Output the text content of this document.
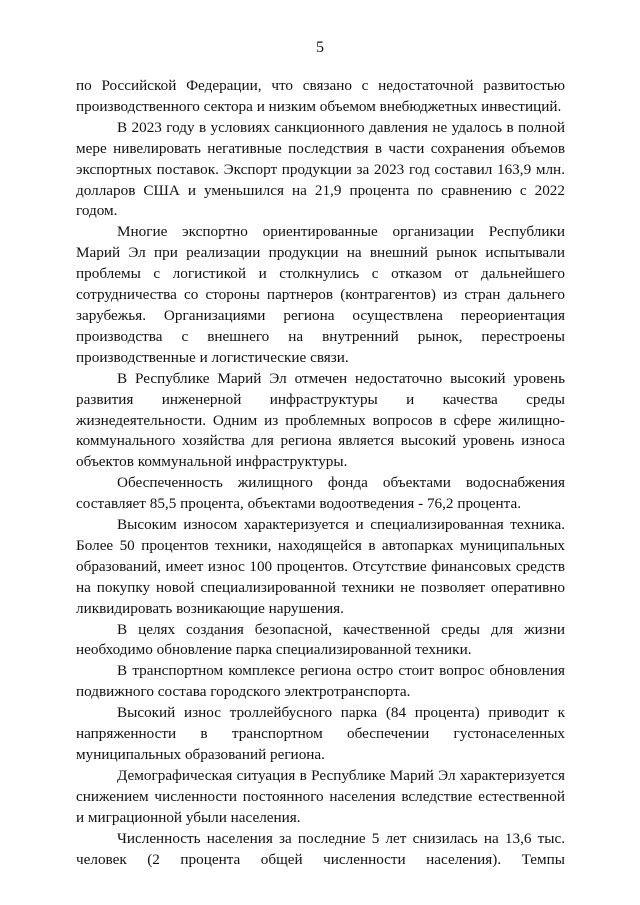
5

по Российской Федерации, что связано с недостаточной развитостью производственного сектора и низким объемом внебюджетных инвестиций.

В 2023 году в условиях санкционного давления не удалось в полной мере нивелировать негативные последствия в части сохранения объемов экспортных поставок. Экспорт продукции за 2023 год составил 163,9 млн. долларов США и уменьшился на 21,9 процента по сравнению с 2022 годом.

Многие экспортно ориентированные организации Республики Марий Эл при реализации продукции на внешний рынок испытывали проблемы с логистикой и столкнулись с отказом от дальнейшего сотрудничества со стороны партнеров (контрагентов) из стран дальнего зарубежья. Организациями региона осуществлена переориентация производства с внешнего на внутренний рынок, перестроены производственные и логистические связи.

В Республике Марий Эл отмечен недостаточно высокий уровень развития инженерной инфраструктуры и качества среды жизнедеятельности. Одним из проблемных вопросов в сфере жилищно-коммунального хозяйства для региона является высокий уровень износа объектов коммунальной инфраструктуры.

Обеспеченность жилищного фонда объектами водоснабжения составляет 85,5 процента, объектами водоотведения - 76,2 процента.

Высоким износом характеризуется и специализированная техника. Более 50 процентов техники, находящейся в автопарках муниципальных образований, имеет износ 100 процентов. Отсутствие финансовых средств на покупку новой специализированной техники не позволяет оперативно ликвидировать возникающие нарушения.

В целях создания безопасной, качественной среды для жизни необходимо обновление парка специализированной техники.

В транспортном комплексе региона остро стоит вопрос обновления подвижного состава городского электротранспорта.

Высокий износ троллейбусного парка (84 процента) приводит к напряженности в транспортном обеспечении густонаселенных муниципальных образований региона.

Демографическая ситуация в Республике Марий Эл характеризуется снижением численности постоянного населения вследствие естественной и миграционной убыли населения.

Численность населения за последние 5 лет снизилась на 13,6 тыс. человек (2 процента общей численности населения). Темпы
